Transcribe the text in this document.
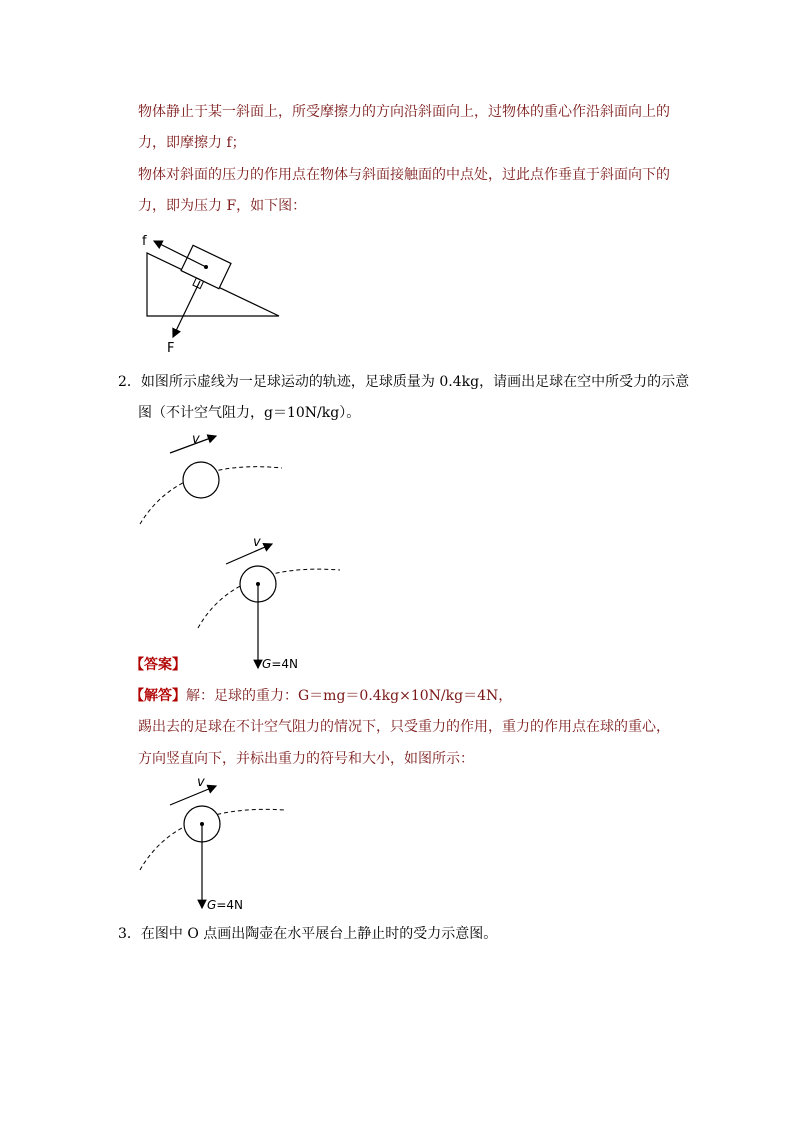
物体静止于某一斜面上，所受摩擦力的方向沿斜面向上，过物体的重心作沿斜面向上的
力，即摩擦力 f；
物体对斜面的压力的作用点在物体与斜面接触面的中点处，过此点作垂直于斜面向下的
力，即为压力 F，如下图：
f
F
2．如图所示虚线为一足球运动的轨迹，足球质量为 0.4kg，请画出足球在空中所受力的示意
图（不计空气阻力，g＝10N/kg）。
v
v
G=4N
【答案】
【解答】解：足球的重力：G＝mg＝0.4kg×10N/kg＝4N，
踢出去的足球在不计空气阻力的情况下，只受重力的作用，重力的作用点在球的重心，
方向竖直向下，并标出重力的符号和大小，如图所示：
v
G=4N
3．在图中 O 点画出陶壶在水平展台上静止时的受力示意图。
